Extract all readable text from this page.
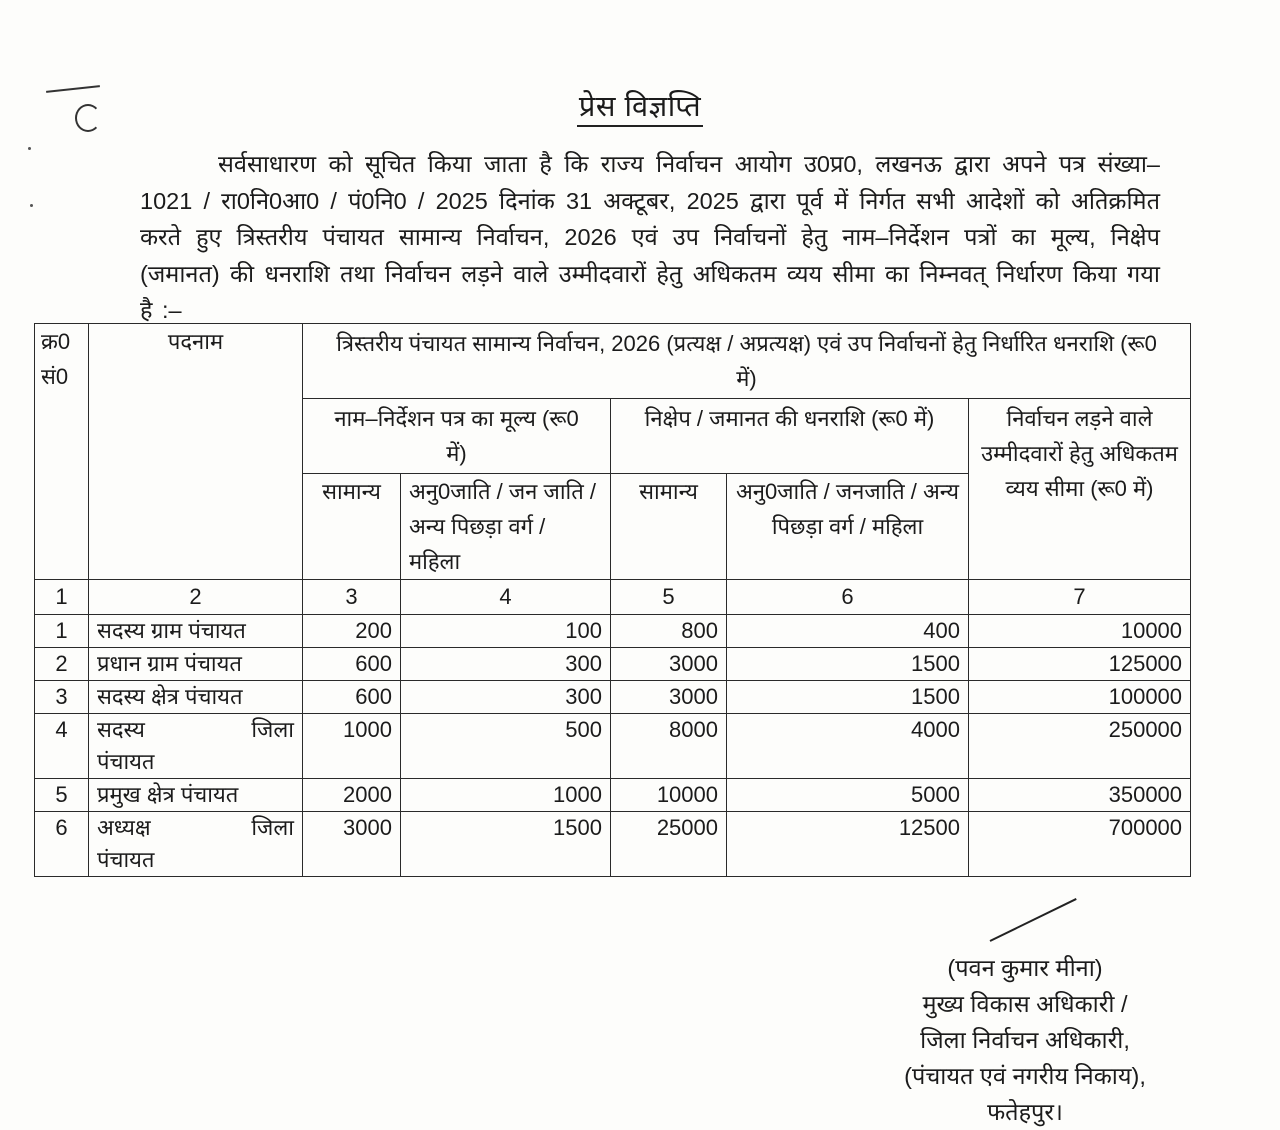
प्रेस विज्ञप्ति
सर्वसाधारण को सूचित किया जाता है कि राज्य निर्वाचन आयोग उ0प्र0, लखनऊ द्वारा अपने पत्र संख्या–1021 / रा0नि0आ0 / पं0नि0 / 2025 दिनांक 31 अक्टूबर, 2025 द्वारा पूर्व में निर्गत सभी आदेशों को अतिक्रमित करते हुए त्रिस्तरीय पंचायत सामान्य निर्वाचन, 2026 एवं उप निर्वाचनों हेतु नाम–निर्देशन पत्रों का मूल्य, निक्षेप (जमानत) की धनराशि तथा निर्वाचन लड़ने वाले उम्मीदवारों हेतु अधिकतम व्यय सीमा का निम्नवत् निर्धारण किया गया है :–
क्र0 सं0	पदनाम	त्रिस्तरीय पंचायत सामान्य निर्वाचन, 2026 (प्रत्यक्ष / अप्रत्यक्ष) एवं उप निर्वाचनों हेतु निर्धारित धनराशि (रू0 में)				
		नाम–निर्देशन पत्र का मूल्य (रू0 में)		निक्षेप / जमानत की धनराशि (रू0 में)		निर्वाचन लड़ने वाले उम्मीदवारों हेतु अधिकतम व्यय सीमा (रू0 में)
		सामान्य	अनु0जाति / जन जाति / अन्य पिछड़ा वर्ग / महिला	सामान्य	अनु0जाति / जनजाति / अन्य पिछड़ा वर्ग / महिला	
1	2	3	4	5	6	7
1	सदस्य ग्राम पंचायत	200	100	800	400	10000
2	प्रधान ग्राम पंचायत	600	300	3000	1500	125000
3	सदस्य क्षेत्र पंचायत	600	300	3000	1500	100000
4	सदस्य जिला पंचायत	1000	500	8000	4000	250000
5	प्रमुख क्षेत्र पंचायत	2000	1000	10000	5000	350000
6	अध्यक्ष जिला पंचायत	3000	1500	25000	12500	700000
(पवन कुमार मीना)
मुख्य विकास अधिकारी /
जिला निर्वाचन अधिकारी,
(पंचायत एवं नगरीय निकाय),
फतेहपुर।
